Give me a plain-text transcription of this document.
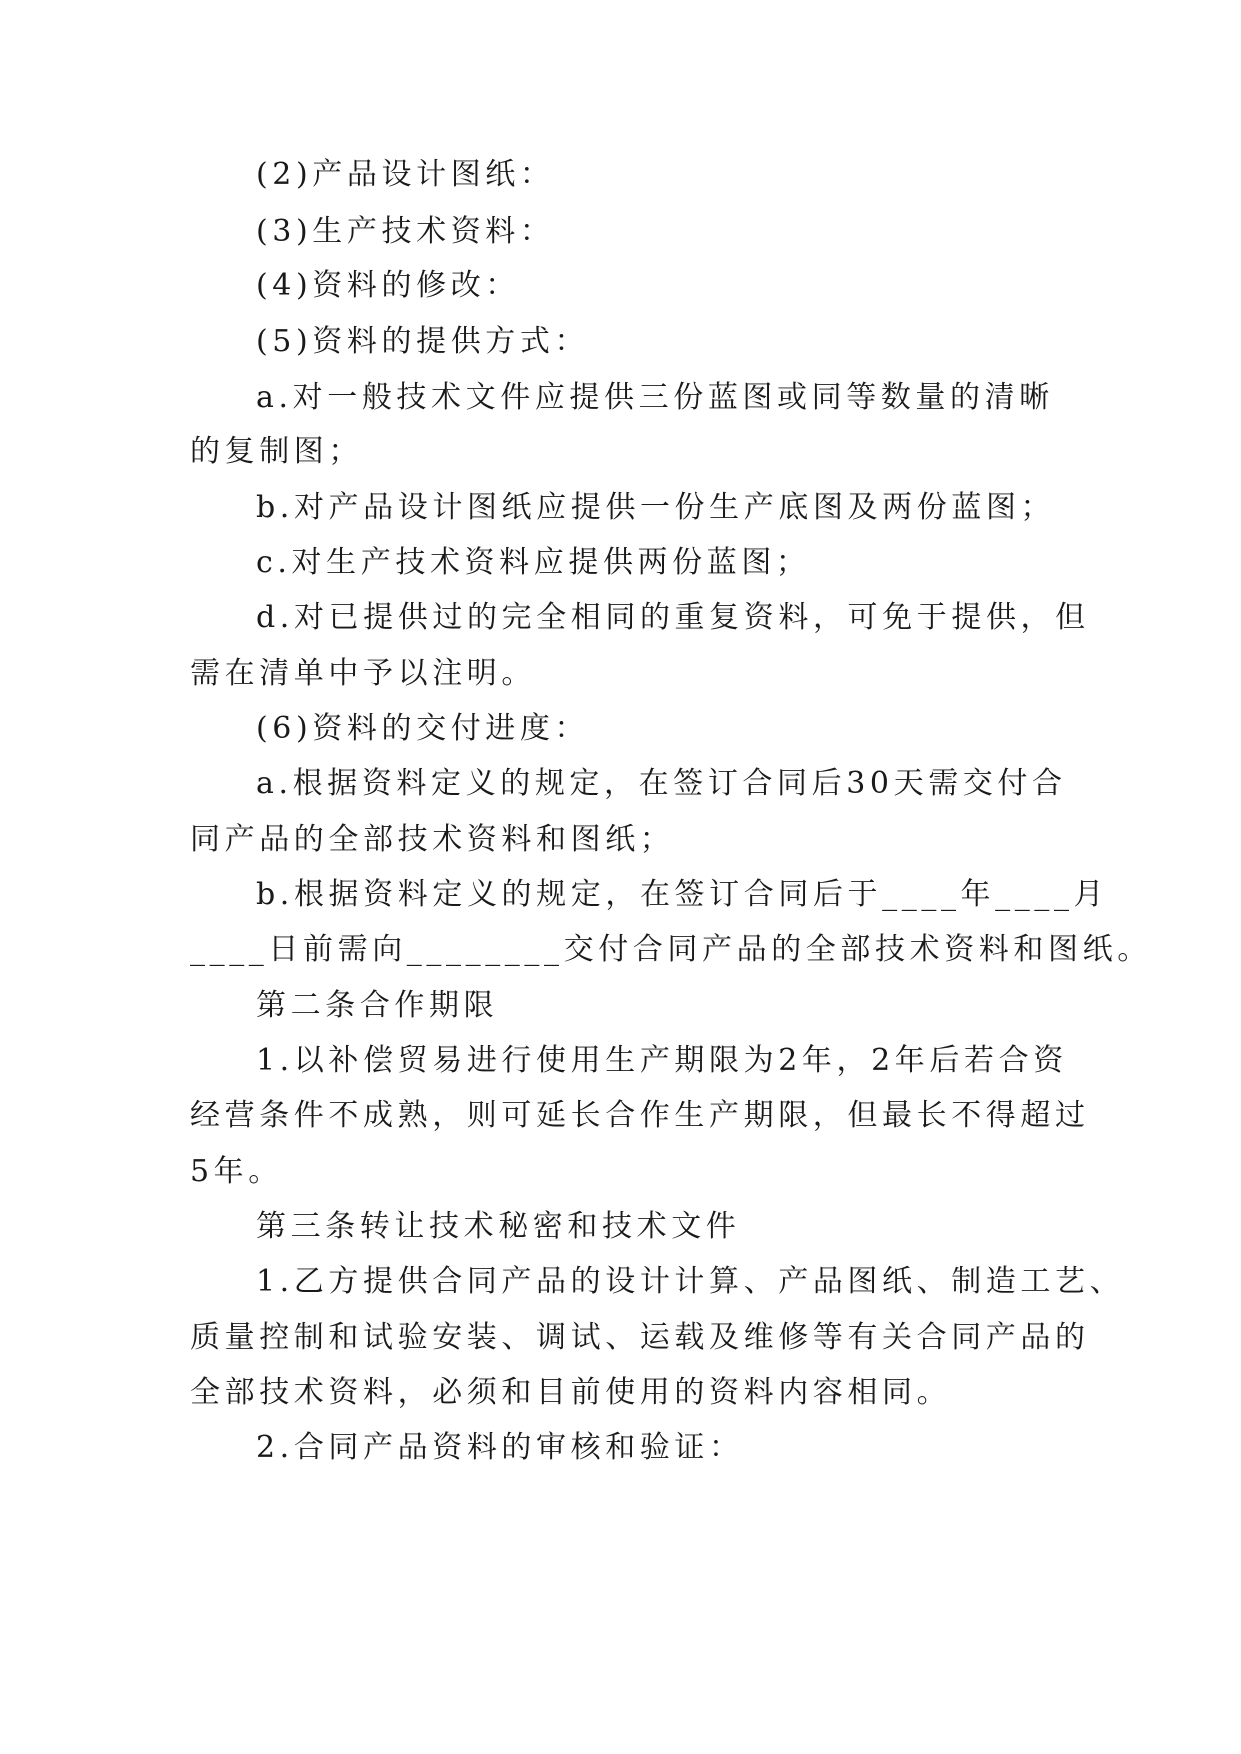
(2)产品设计图纸：
(3)生产技术资料：
(4)资料的修改：
(5)资料的提供方式：
a.对一般技术文件应提供三份蓝图或同等数量的清晰
的复制图；
b.对产品设计图纸应提供一份生产底图及两份蓝图；
c.对生产技术资料应提供两份蓝图；
d.对已提供过的完全相同的重复资料，可免于提供，但
需在清单中予以注明。
(6)资料的交付进度：
a.根据资料定义的规定，在签订合同后30天需交付合
同产品的全部技术资料和图纸；
b.根据资料定义的规定，在签订合同后于____年____月
____日前需向________交付合同产品的全部技术资料和图纸。
第二条合作期限
1.以补偿贸易进行使用生产期限为2年，2年后若合资
经营条件不成熟，则可延长合作生产期限，但最长不得超过
5年。
第三条转让技术秘密和技术文件
1.乙方提供合同产品的设计计算、产品图纸、制造工艺、
质量控制和试验安装、调试、运载及维修等有关合同产品的
全部技术资料，必须和目前使用的资料内容相同。
2.合同产品资料的审核和验证：
